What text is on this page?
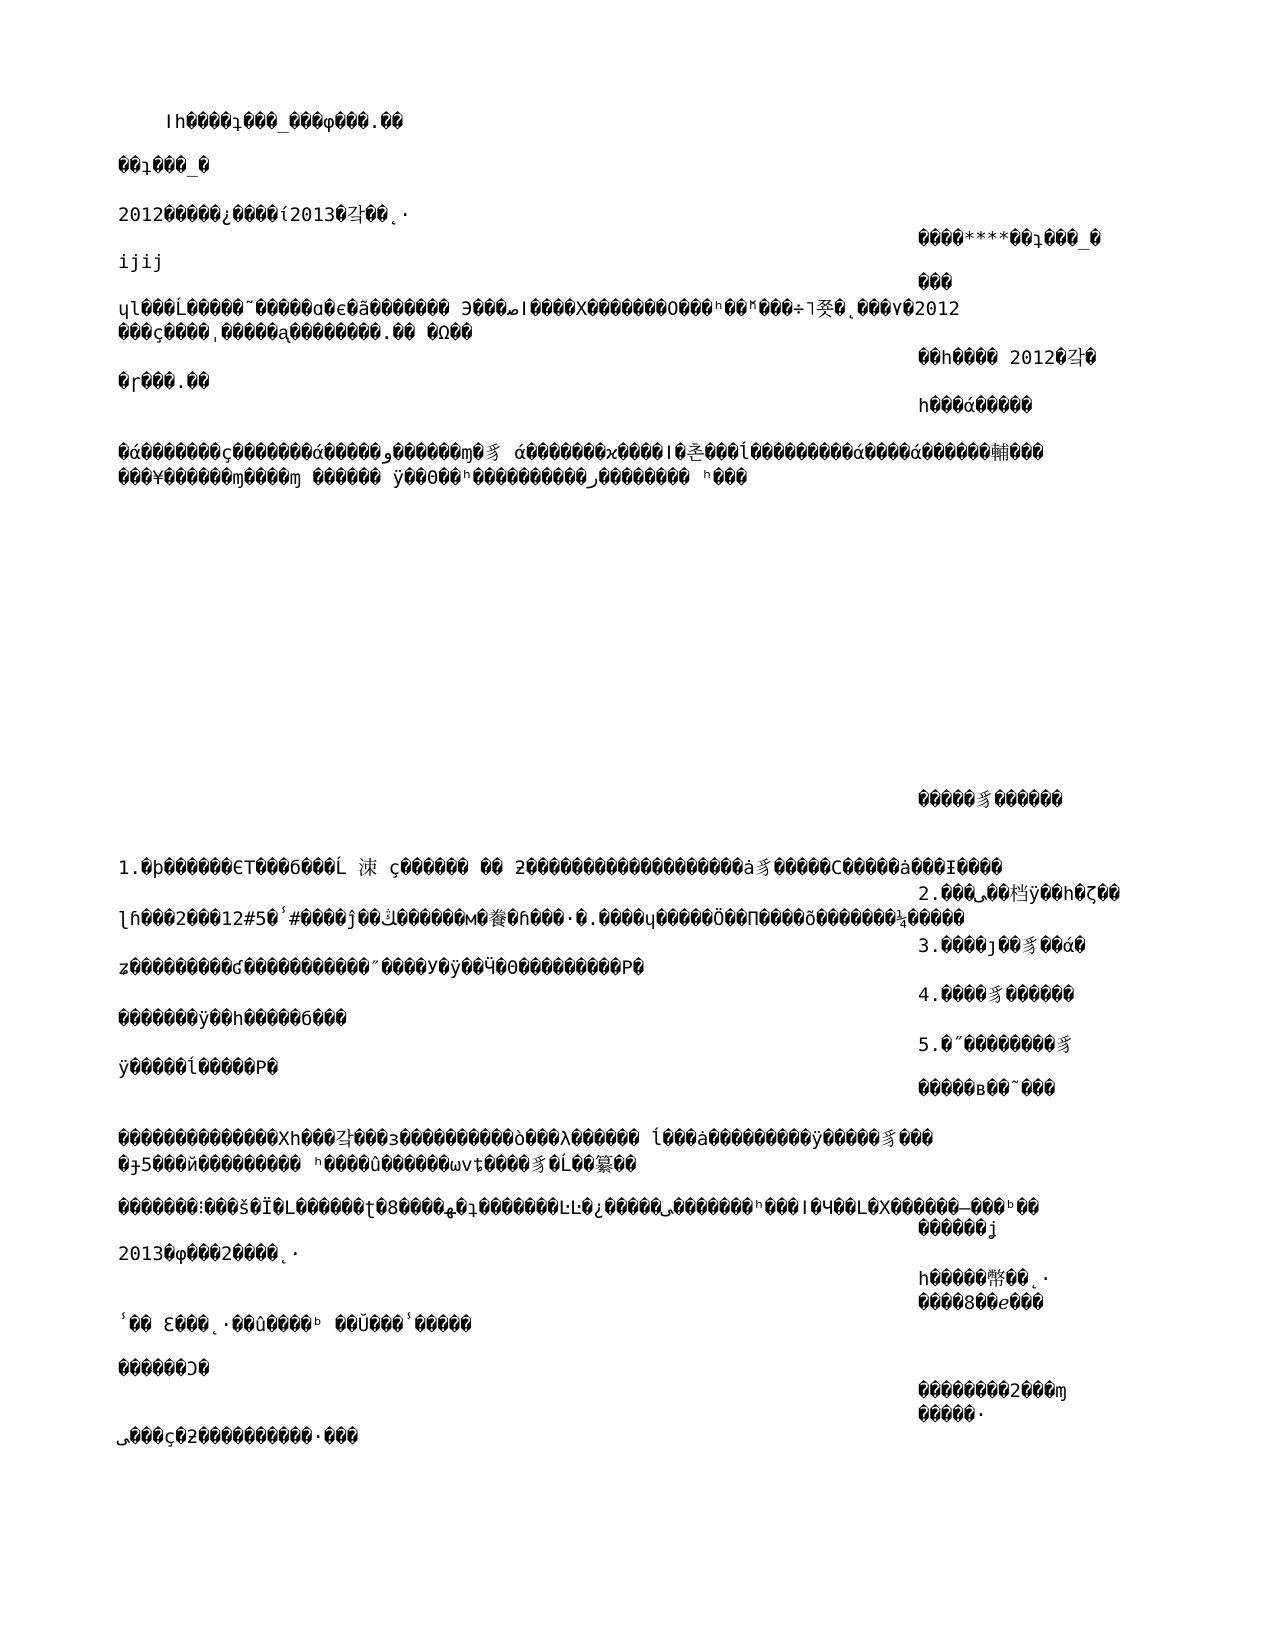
ǀh����ʇ���_���φ���.��
��ʇ���_�
2012�����¿����ί2013�갘��˛·
ijij
ɥl���Ĺ�����˜�����ɑ�є�ã������� Э���ﺻǀ����Χ�������Ο���ʰ��̆ʰ���÷˥쬿�˛���۷�2012
���ç����ˌ�����ᶏ��������.�� �Ω��
�ɼ���.��
�ά�������ç�������ά�����ﻭ������ɱ�豸 ά�������ϰ����ǀ�촌���ĺ���������ά����ά������輔���
���¥������ɱ����ɱ ������ ÿ��Θ��ʰ����������ﺭ�������� ʰ���
1.�þ������ЄΤ���б���Ĺ 洓 ç������ �� ƻ�������������������ȧ豸�����С�����ȧ���Ɨ����
ɭɦ���2���12#5�ⸯ#����ĵ��ﯔ������м�餋�ɦ���·�.����ɥ�����Ö��Π����õ�������¼�����
ʑ���������ʛ�����������″����У�ÿ��Ӵ�Θ���������Ρ�
�������ÿ��h�����б���
ÿ�����ĺ�����Ρ�
��������������Χh���갘���з����������ò���λ������ ĺ���ȧ���������ÿ�����豸���
�ɟ5���й��������� ʰ����û������ωvȶ����豸�Ĺ��纂��
�������⁝���š�Ϊ�L������ʈ�8����ﻬ�ʇ�������ĿĿ�¿�����ﯽ�������ʰ���ǀ�Ч��L�Χ������‒���ᵇ��
2013�φ���2����˛·
ⸯ�� Ɛ���˛·��û����ᵇ ��Ŭ���ⸯ�����
������Ɔ�
ﯽ���ç�ƻ����������·���
����****��ʇ���_�
���
��h���� 2012�갘�
h���ά�����
�����豸������
2.���ﯽ��档ÿ��h�ζ��
3.����ȷ��豸��ά�
4.����豸������
5.�˝��������豸
�����в��˜���
������ʝ
h�����幣��˛·
����8��ℯ���
��������2���ɱ
�����·
